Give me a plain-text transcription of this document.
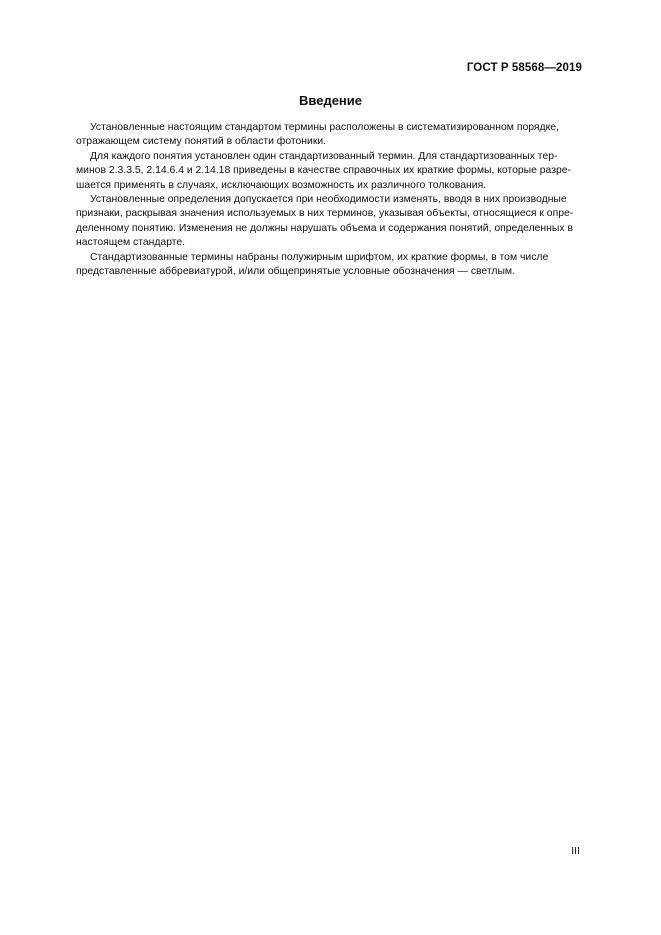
ГОСТ Р 58568—2019
Введение

Установленные настоящим стандартом термины расположены в систематизированном порядке,
отражающем систему понятий в области фотоники.

Для каждого понятия установлен один стандартизованный термин. Для стандартизованных тер-
минов 2.3.3.5, 2.14.6.4 и 2.14.18 приведены в качестве справочных их краткие формы, которые разре-
шается применять в случаях, исключающих возможность их различного толкования.

Установленные определения допускается при необходимости изменять, вводя в них производные
признаки, раскрывая значения используемых в них терминов, указывая объекты, относящиеся к опре-
деленному понятию. Изменения не должны нарушать объема и содержания понятий, определенных в
настоящем стандарте.

Стандартизованные термины набраны полужирным шрифтом, их краткие формы, в том числе
представленные аббревиатурой, и/или общепринятые условные обозначения — светлым.

III
